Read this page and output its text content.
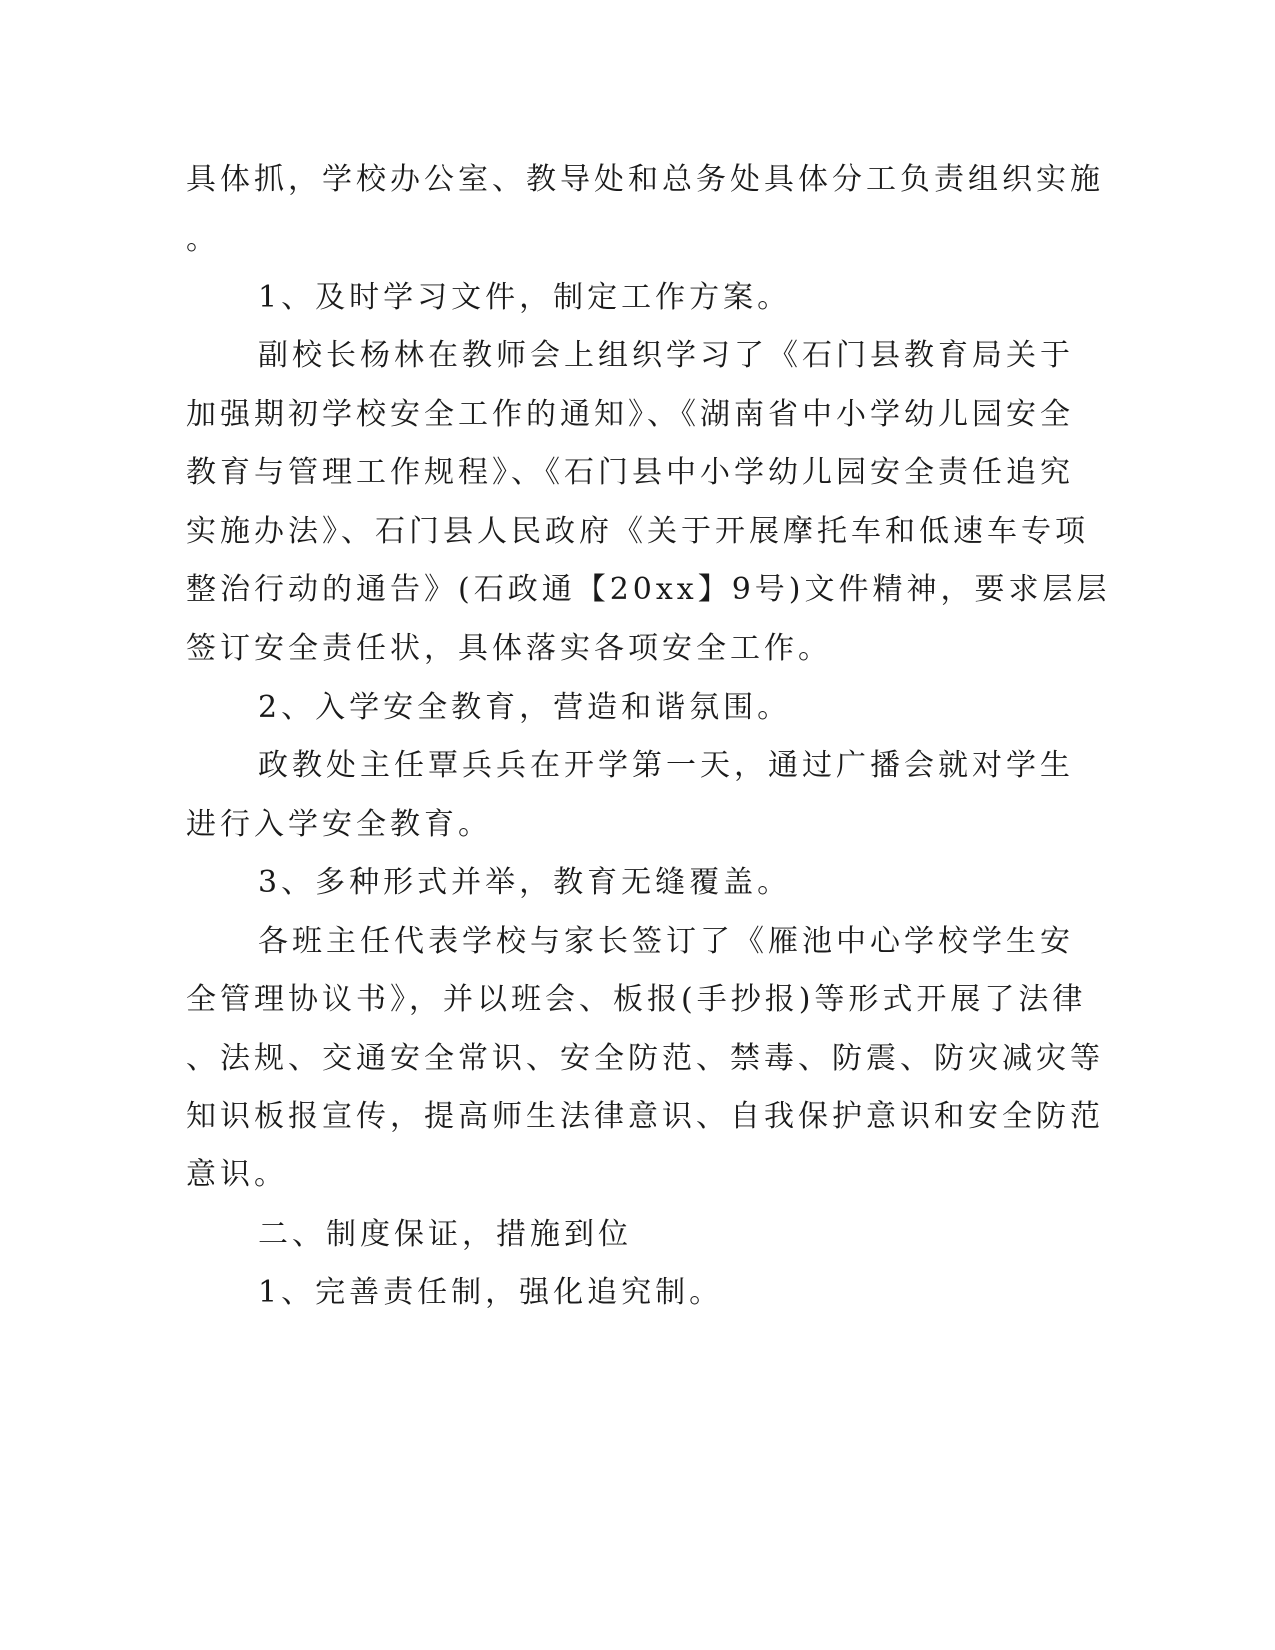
具体抓，学校办公室、教导处和总务处具体分工负责组织实施

。

1、及时学习文件，制定工作方案。

副校长杨林在教师会上组织学习了《石门县教育局关于

加强期初学校安全工作的通知》、《湖南省中小学幼儿园安全

教育与管理工作规程》、《石门县中小学幼儿园安全责任追究

实施办法》、石门县人民政府《关于开展摩托车和低速车专项

整治行动的通告》(石政通【20xx】9号)文件精神，要求层层

签订安全责任状，具体落实各项安全工作。

2、入学安全教育，营造和谐氛围。

政教处主任覃兵兵在开学第一天，通过广播会就对学生

进行入学安全教育。

3、多种形式并举，教育无缝覆盖。

各班主任代表学校与家长签订了《雁池中心学校学生安

全管理协议书》，并以班会、板报(手抄报)等形式开展了法律

、法规、交通安全常识、安全防范、禁毒、防震、防灾减灾等

知识板报宣传，提高师生法律意识、自我保护意识和安全防范

意识。

二、制度保证，措施到位

1、完善责任制，强化追究制。
